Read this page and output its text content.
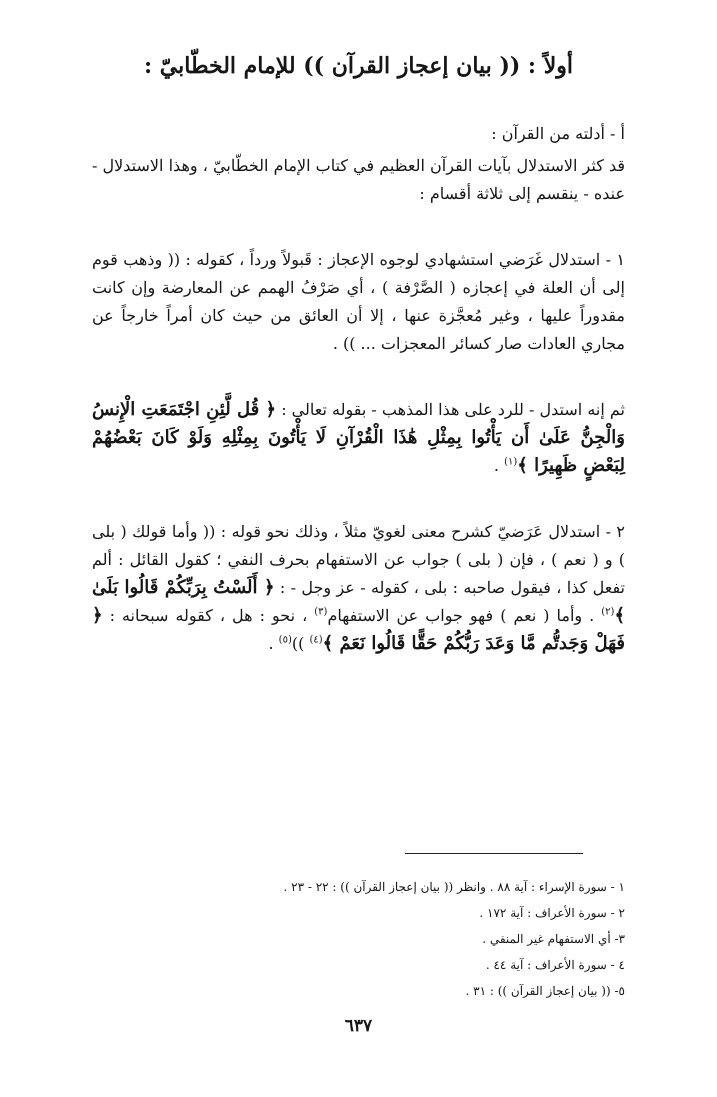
أولاً : (( بيان إعجاز القرآن )) للإمام الخطّابيّ :

أ - أدلته من القرآن :

قد كثر الاستدلال بآيات القرآن العظيم في كتاب الإمام الخطّابيّ ، وهذا الاستدلال - عنده - ينقسم إلى ثلاثة أقسام :

١ - استدلال غَرَضي استشهادي لوجوه الإعجاز : قَبولاً ورداً ، كقوله : (( وذهب قوم إلى أن العلة في إعجازه ( الصَّرْفة ) ، أي صَرْفُ الهمم عن المعارضة وإن كانت مقدوراً عليها ، وغير مُعجَّزة عنها ، إلا أن العائق من حيث كان أمراً خارجاً عن مجاري العادات صار كسائر المعجزات ... )) .

ثم إنه استدل - للرد على هذا المذهب - بقوله تعالى : ﴿ قُل لَّئِنِ اجْتَمَعَتِ الْإِنسُ وَالْجِنُّ عَلَىٰ أَن يَأْتُوا بِمِثْلِ هَٰذَا الْقُرْآنِ لَا يَأْتُونَ بِمِثْلِهِ وَلَوْ كَانَ بَعْضُهُمْ لِبَعْضٍ ظَهِيرًا ﴾$^{(١)}$ .

٢ - استدلال عَرَضيّ كشرح معنى لغويّ مثلاً ، وذلك نحو قوله : (( وأما قولك ( بلى ) و ( نعم ) ، فإن ( بلى ) جواب عن الاستفهام بحرف النفي ؛ كقول القائل : ألم تفعل كذا ، فيقول صاحبه : بلى ، كقوله - عز وجل - : ﴿ أَلَسْتُ بِرَبِّكُمْ قَالُوا بَلَىٰ ﴾$^{(٢)}$ . وأما ( نعم ) فهو جواب عن الاستفهام$^{(٣)}$ ، نحو : هل ، كقوله سبحانه : ﴿ فَهَلْ وَجَدتُّم مَّا وَعَدَ رَبُّكُمْ حَقًّا قَالُوا نَعَمْ ﴾$^{(٤)}$ ))$^{(٥)}$ .

١ - سورة الإسراء : آية ٨٨ . وانظر (( بيان إعجاز القرآن )) : ٢٢ - ٢٣ .
٢ - سورة الأعراف : آية ١٧٢ .
٣- أي الاستفهام غير المنفي .
٤ - سورة الأعراف : آية ٤٤ .
٥- (( بيان إعجاز القرآن )) : ٣١ .
٦٣٧
